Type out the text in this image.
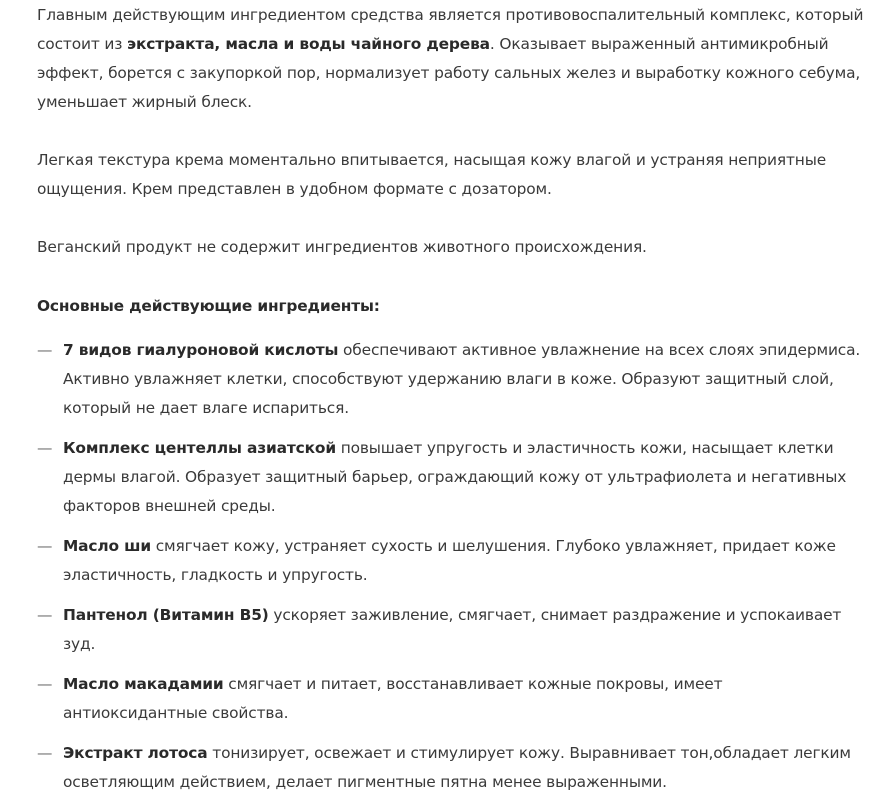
Главным действующим ингредиентом средства является противовоспалительный комплекс, который состоит из экстракта, масла и воды чайного дерева. Оказывает выраженный антимикробный эффект, борется с закупоркой пор, нормализует работу сальных желез и выработку кожного себума, уменьшает жирный блеск.

Легкая текстура крема моментально впитывается, насыщая кожу влагой и устраняя неприятные ощущения. Крем представлен в удобном формате с дозатором.

Веганский продукт не содержит ингредиентов животного происхождения.

Основные действующие ингредиенты:
— 7 видов гиалуроновой кислоты обеспечивают активное увлажнение на всех слоях эпидермиса. Активно увлажняет клетки, способствуют удержанию влаги в коже. Образуют защитный слой, который не дает влаге испариться.
— Комплекс центеллы азиатской повышает упругость и эластичность кожи, насыщает клетки дермы влагой. Образует защитный барьер, ограждающий кожу от ультрафиолета и негативных факторов внешней среды.
— Масло ши смягчает кожу, устраняет сухость и шелушения. Глубоко увлажняет, придает коже эластичность, гладкость и упругость.
— Пантенол (Витамин B5) ускоряет заживление, смягчает, снимает раздражение и успокаивает зуд.
— Масло макадамии смягчает и питает, восстанавливает кожные покровы, имеет антиоксидантные свойства.
— Экстракт лотоса тонизирует, освежает и стимулирует кожу. Выравнивает тон,обладает легким осветляющим действием, делает пигментные пятна менее выраженными.
